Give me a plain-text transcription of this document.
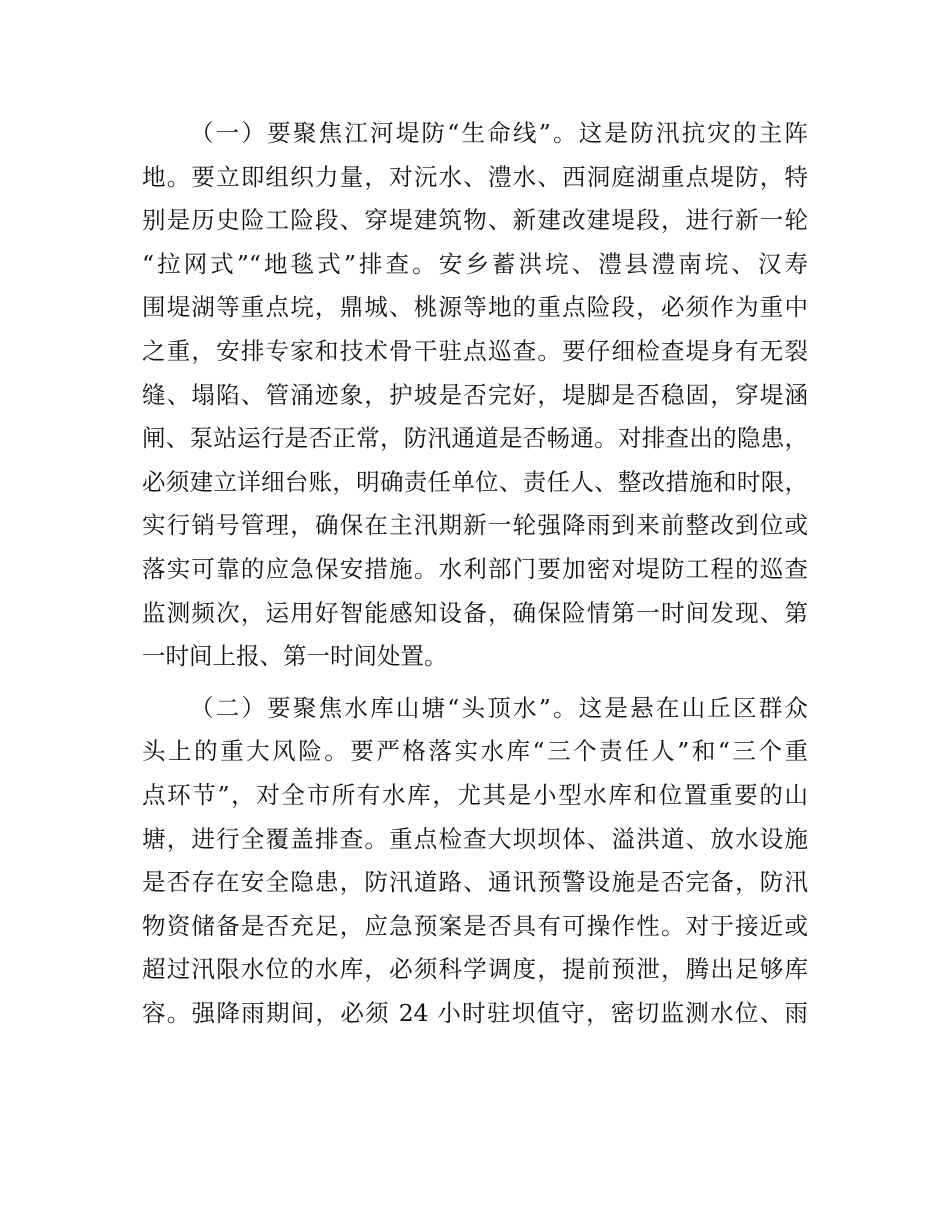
（一）要聚焦江河堤防“生命线”。这是防汛抗灾的主阵
地。要立即组织力量，对沅水、澧水、西洞庭湖重点堤防，特
别是历史险工险段、穿堤建筑物、新建改建堤段，进行新一轮
“拉网式”“地毯式”排查。安乡蓄洪垸、澧县澧南垸、汉寿
围堤湖等重点垸，鼎城、桃源等地的重点险段，必须作为重中
之重，安排专家和技术骨干驻点巡查。要仔细检查堤身有无裂
缝、塌陷、管涌迹象，护坡是否完好，堤脚是否稳固，穿堤涵
闸、泵站运行是否正常，防汛通道是否畅通。对排查出的隐患，
必须建立详细台账，明确责任单位、责任人、整改措施和时限，
实行销号管理，确保在主汛期新一轮强降雨到来前整改到位或
落实可靠的应急保安措施。水利部门要加密对堤防工程的巡查
监测频次，运用好智能感知设备，确保险情第一时间发现、第
一时间上报、第一时间处置。
（二）要聚焦水库山塘“头顶水”。这是悬在山丘区群众
头上的重大风险。要严格落实水库“三个责任人”和“三个重
点环节”，对全市所有水库，尤其是小型水库和位置重要的山
塘，进行全覆盖排查。重点检查大坝坝体、溢洪道、放水设施
是否存在安全隐患，防汛道路、通讯预警设施是否完备，防汛
物资储备是否充足，应急预案是否具有可操作性。对于接近或
超过汛限水位的水库，必须科学调度，提前预泄，腾出足够库
容。强降雨期间，必须 24 小时驻坝值守，密切监测水位、雨
